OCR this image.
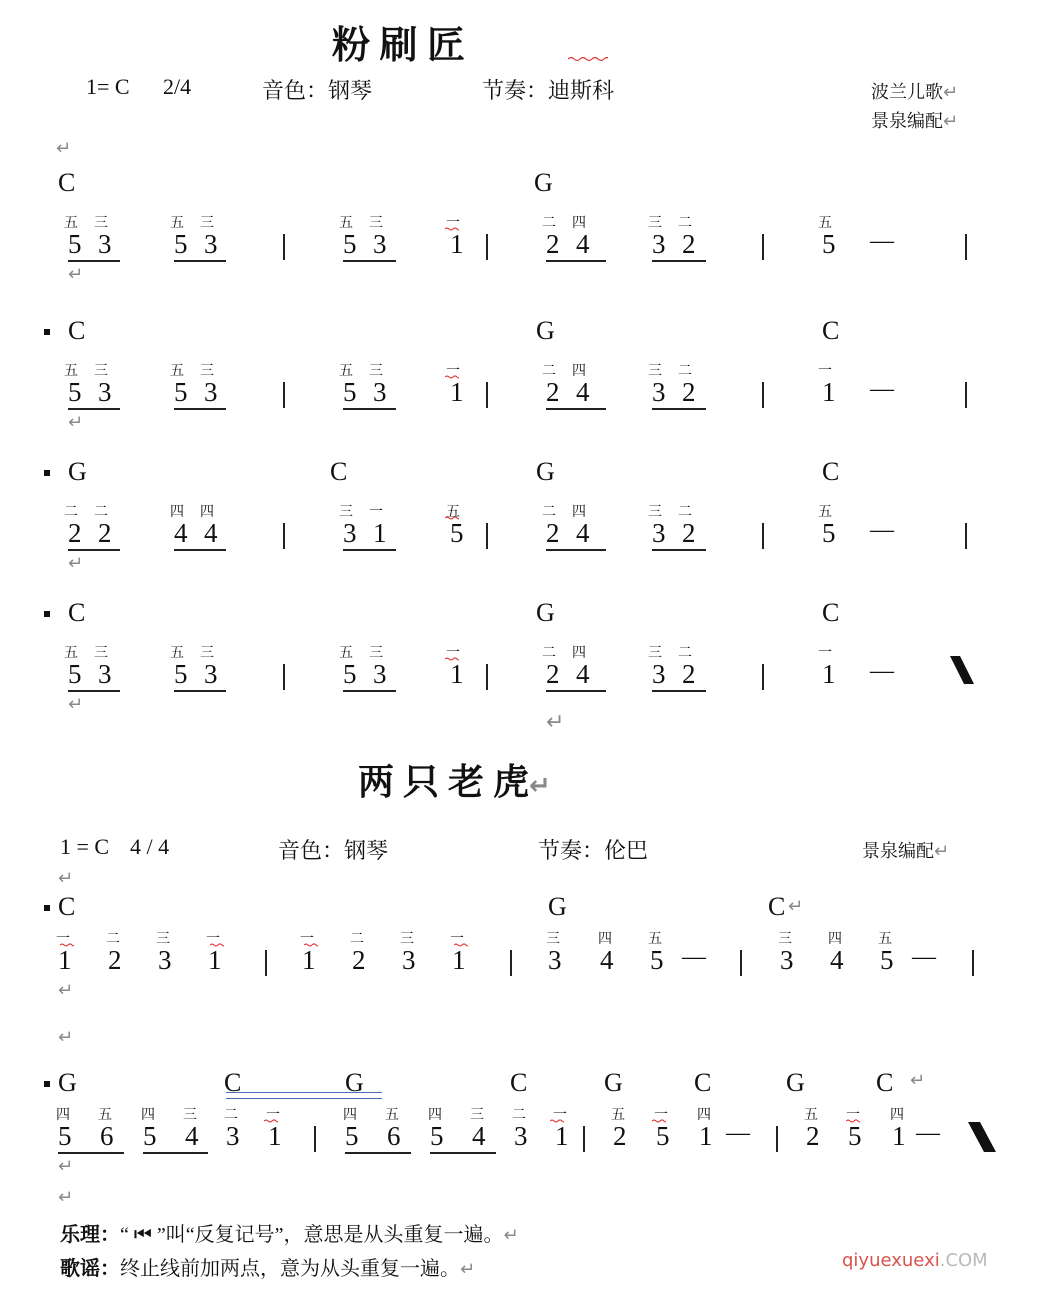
粉 刷 匠
1= C 2/4	音色：钢琴	节奏：迪斯科	波兰儿歌↵
景泉编配↵
↵
C	G
五
5
三
3
五
5
三
3
五
5
三
3
一
1
二
2
四
4
三
3
二
2
五
5 —
↵
C	G	C
五
5
三
3
五
5
三
3
五
5
三
3
一
1
二
2
四
4
三
3
二
2
一
1 —
↵
G	C	G	C
二
2
二
2
四
4
四
4
三
3
一
1
五
5
二
2
四
4
三
3
二
2
五
5 —
↵
C	G	C
五
5
三
3
五
5
三
3
五
5
三
3
一
1
二
2
四
4
三
3
二
2
一
1 —
↵
↵
两 只 老 虎↵
1 = C 4 / 4	音色：钢琴	节奏：伦巴	景泉编配↵
↵
C	G	C
一
1
二
2
三
3
一
1
一
1
二
2
三
3
一
1
三
3
四
4
五
5
三
3
四
4
五
5
—	—
↵
↵
↵
G	C	G	C	G	C	G	C
四
5
五
6
四
5
三
4
二
3
一
1
四
5
五
6
四
5
三
4
二
3
一
1
五
2
一
5
四
1
五
2
一
5
四
1
—	—
↵
↵
↵
乐理：“ ⏮ ”叫“反复记号”，意思是从头重复一遍。↵
歌谣：终止线前加两点，意为从头重复一遍。↵	qiyuexuexi.COM
